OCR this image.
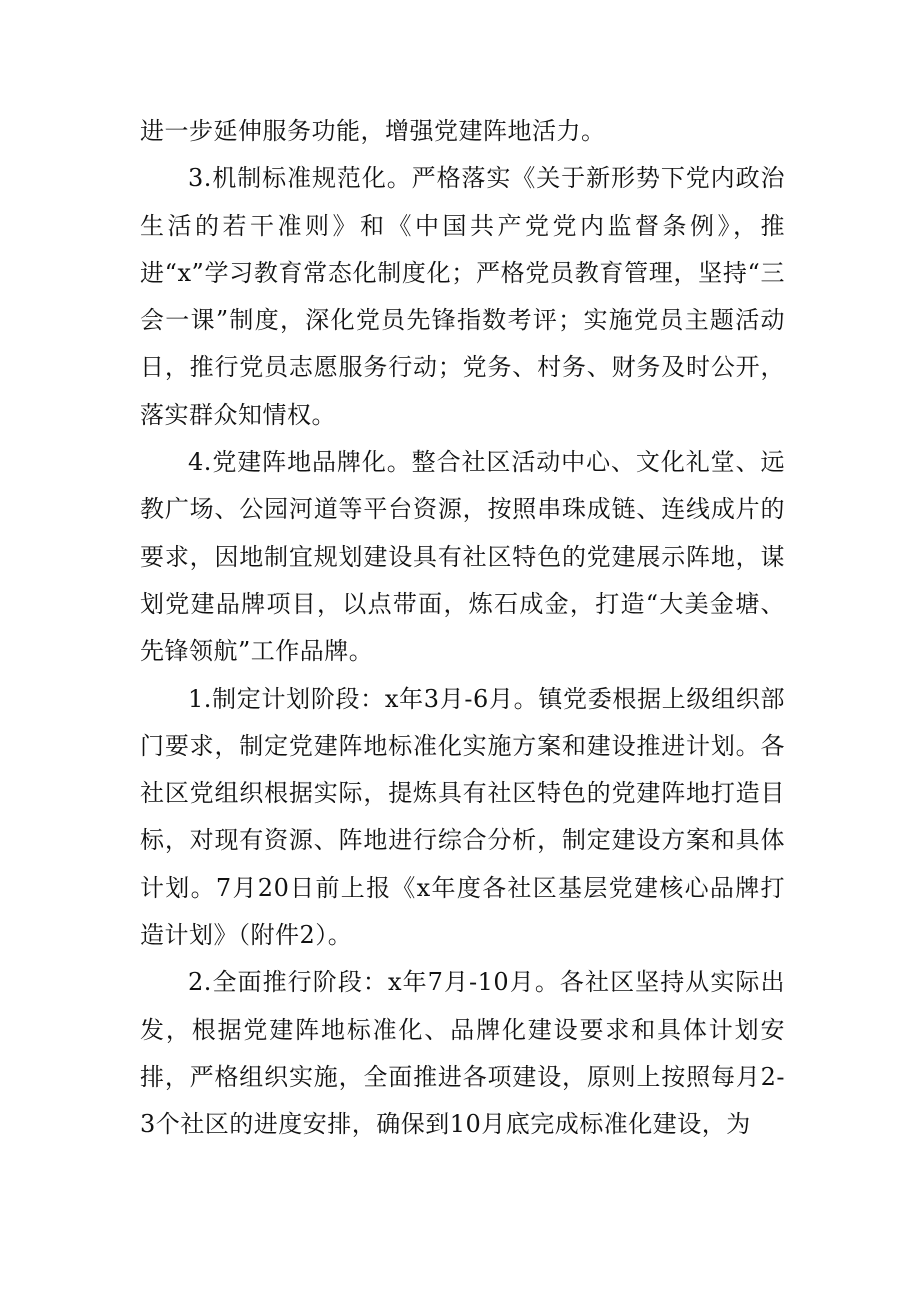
进一步延伸服务功能，增强党建阵地活力。

3.机制标准规范化。严格落实《关于新形势下党内政治生活的若干准则》和《中国共产党党内监督条例》，推进“x”学习教育常态化制度化；严格党员教育管理，坚持“三会一课”制度，深化党员先锋指数考评；实施党员主题活动日，推行党员志愿服务行动；党务、村务、财务及时公开，落实群众知情权。

4.党建阵地品牌化。整合社区活动中心、文化礼堂、远教广场、公园河道等平台资源，按照串珠成链、连线成片的要求，因地制宜规划建设具有社区特色的党建展示阵地，谋划党建品牌项目，以点带面，炼石成金，打造“大美金塘、先锋领航”工作品牌。

1.制定计划阶段：x年3月-6月。镇党委根据上级组织部门要求，制定党建阵地标准化实施方案和建设推进计划。各社区党组织根据实际，提炼具有社区特色的党建阵地打造目标，对现有资源、阵地进行综合分析，制定建设方案和具体计划。7月20日前上报《x年度各社区基层党建核心品牌打造计划》（附件2）。

2.全面推行阶段：x年7月-10月。各社区坚持从实际出发，根据党建阵地标准化、品牌化建设要求和具体计划安排，严格组织实施，全面推进各项建设，原则上按照每月2-3个社区的进度安排，确保到10月底完成标准化建设，为
